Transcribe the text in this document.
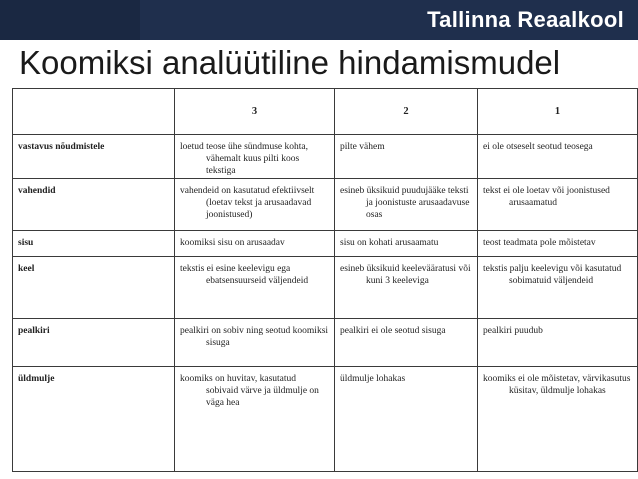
Tallinna Reaalkool
Koomiksi analüütiline hindamismudel
	3	2	1
vastavus nõudmistele	loetud teose ühe sündmuse kohta, vähemalt kuus pilti koos tekstiga	pilte vähem	ei ole otseselt seotud teosega

vahendid	vahendeid on kasutatud efektiivselt (loetav tekst ja arusaadavad joonistused)	esineb üksikuid puudujääke teksti ja joonistuste arusaadavuse osas	tekst ei ole loetav või joonistused arusaamatud

sisu	koomiksi sisu on arusaadav	sisu on kohati arusaamatu	teost teadmata pole mõistetav

keel	tekstis ei esine keelevigu ega ebatsensuurseid väljendeid	esineb üksikuid keelevääratusi või kuni 3 keeleviga	tekstis palju keelevigu või kasutatud sobimatuid väljendeid

pealkiri	pealkiri on sobiv ning seotud koomiksi sisuga	pealkiri ei ole seotud sisuga	pealkiri puudub

üldmulje	koomiks on huvitav, kasutatud sobivaid värve ja üldmulje on väga hea	üldmulje lohakas	koomiks ei ole mõistetav, värvikasutus küsitav, üldmulje lohakas
